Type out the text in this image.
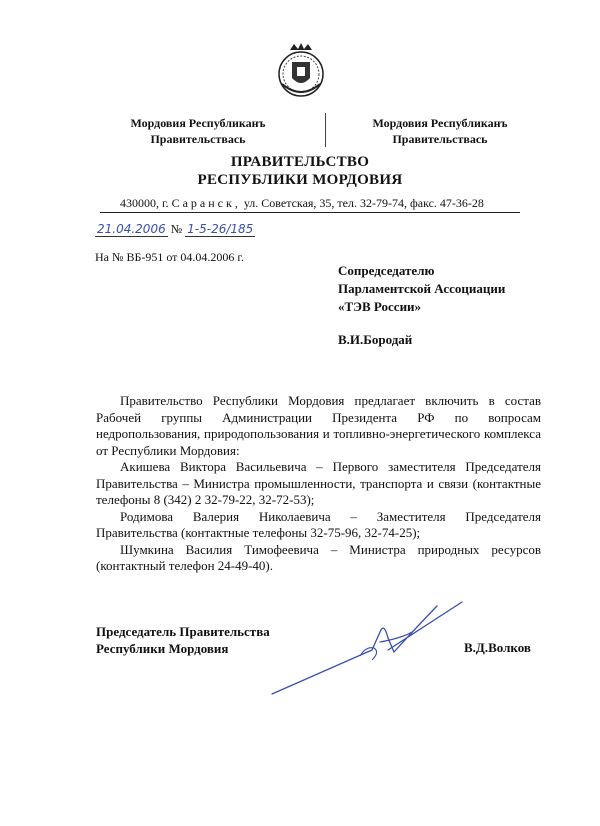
Мордовия Республиканъ
Правительствась
Мордовия Республиканъ
Правительствась
ПРАВИТЕЛЬСТВО
РЕСПУБЛИКИ МОРДОВИЯ
430000, г. Саранск, ул. Советская, 35, тел. 32-79-74, факс. 47-36-28
21.04.2006 № 1-5-26/185
На № ВБ-951 от 04.04.2006 г.
Сопредседателю
Парламентской Ассоциации
«ТЭВ России»
В.И.Бородай

Правительство Республики Мордовия предлагает включить в состав Рабочей группы Администрации Президента РФ по вопросам недропользования, природопользования и топливно-энергетического комплекса от Республики Мордовия:

Акишева Виктора Васильевича – Первого заместителя Председателя Правительства – Министра промышленности, транспорта и связи (контактные телефоны 8 (342) 2 32-79-22, 32-72-53);

Родимова Валерия Николаевича – Заместителя Председателя Правительства (контактные телефоны 32-75-96, 32-74-25);

Шумкина Василия Тимофеевича – Министра природных ресурсов (контактный телефон 24-49-40).

Председатель Правительства
Республики Мордовия	В.Д.Волков
